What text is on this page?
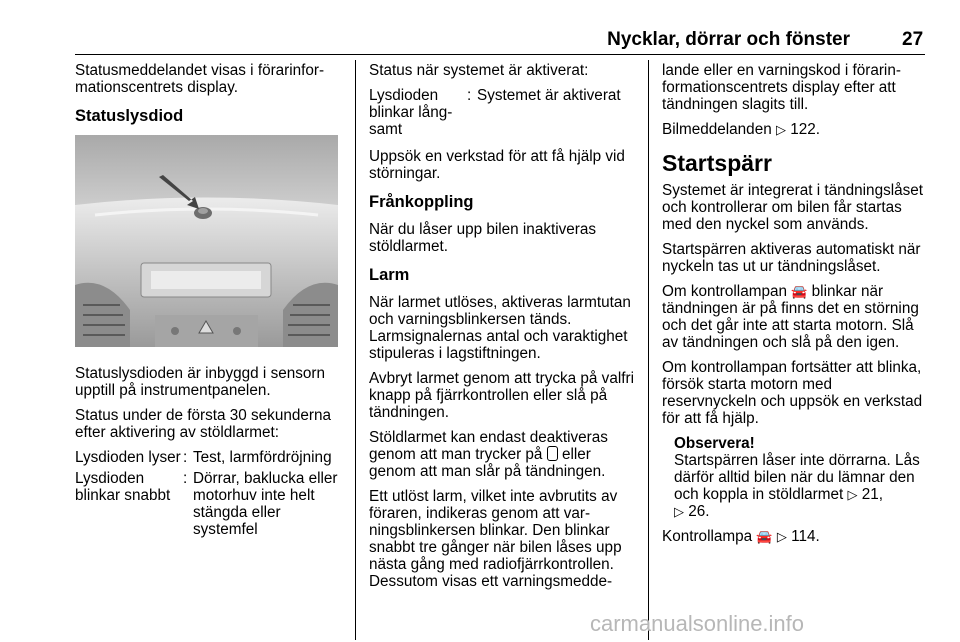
Nycklar, dörrar och fönster	27

Statusmeddelandet visas i förarinformationscentrets display.

Statuslysdiod

Statuslysdioden är inbyggd i sensorn upptill på instrumentpanelen.

Status under de första 30 sekunderna efter aktivering av stöldlarmet:

Lysdioden lyser : Test, larmfördröjning
Lysdioden blinkar snabbt
: Dörrar, baklucka eller motorhuv inte helt stängda eller systemfel

Status när systemet är aktiverat:

Lysdioden blinkar långsamt
: Systemet är aktiverat

Uppsök en verkstad för att få hjälp vid störningar.

Frånkoppling

När du låser upp bilen inaktiveras stöldlarmet.

Larm

När larmet utlöses, aktiveras larmtutan och varningsblinkersen tänds. Larmsignalernas antal och varaktighet stipuleras i lagstiftningen.

Avbryt larmet genom att trycka på valfri knapp på fjärrkontrollen eller slå på tändningen.

Stöldlarmet kan endast deaktiveras genom att man trycker på eller genom att man slår på tändningen.

Ett utlöst larm, vilket inte avbrutits av föraren, indikeras genom att varningsblinkersen blinkar. Den blinkar snabbt tre gånger när bilen låses upp nästa gång med radiofjärrkontrollen. Dessutom visas ett varningsmedde-

lande eller en varningskod i förarinformationscentrets display efter att tändningen slagits till.

Bilmeddelanden ▷ 122.

Startspärr

Systemet är integrerat i tändningslåset och kontrollerar om bilen får startas med den nyckel som används.

Startspärren aktiveras automatiskt när nyckeln tas ut ur tändningslåset.

Om kontrollampan 🚘 blinkar när tändningen är på finns det en störning och det går inte att starta motorn. Slå av tändningen och slå på den igen.

Om kontrollampan fortsätter att blinka, försök starta motorn med reservnyckeln och uppsök en verkstad för att få hjälp.

Observera!
Startspärren låser inte dörrarna. Lås därför alltid bilen när du lämnar den och koppla in stöldlarmet ▷ 21,
▷ 26.

Kontrollampa 🚘 ▷ 114.

carmanualsonline.info
